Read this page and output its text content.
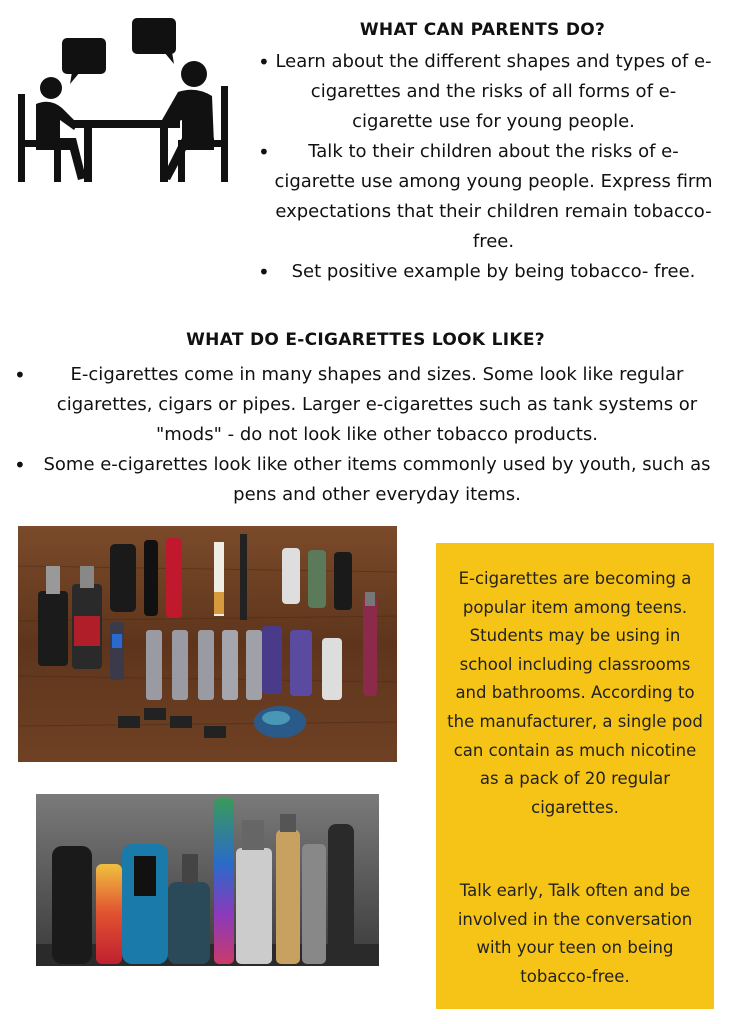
WHAT CAN PARENTS DO?
• Learn about the different shapes and types of e-cigarettes and the risks of all forms of e-cigarette use for young people.
• Talk to their children about the risks of e-cigarette use among young people. Express firm expectations that their children remain tobacco-free.
• Set positive example by being tobacco- free.
WHAT DO E-CIGARETTES LOOK LIKE?
• E-cigarettes come in many shapes and sizes. Some look like regular cigarettes, cigars or pipes. Larger e-cigarettes such as tank systems or "mods" - do not look like other tobacco products.
• Some e-cigarettes look like other items commonly used by youth, such as pens and other everyday items.
E-cigarettes are becoming a popular item among teens. Students may be using in school including classrooms and bathrooms. According to the manufacturer, a single pod can contain as much nicotine as a pack of 20 regular cigarettes.
Talk early, Talk often and be involved in the conversation with your teen on being tobacco-free.
